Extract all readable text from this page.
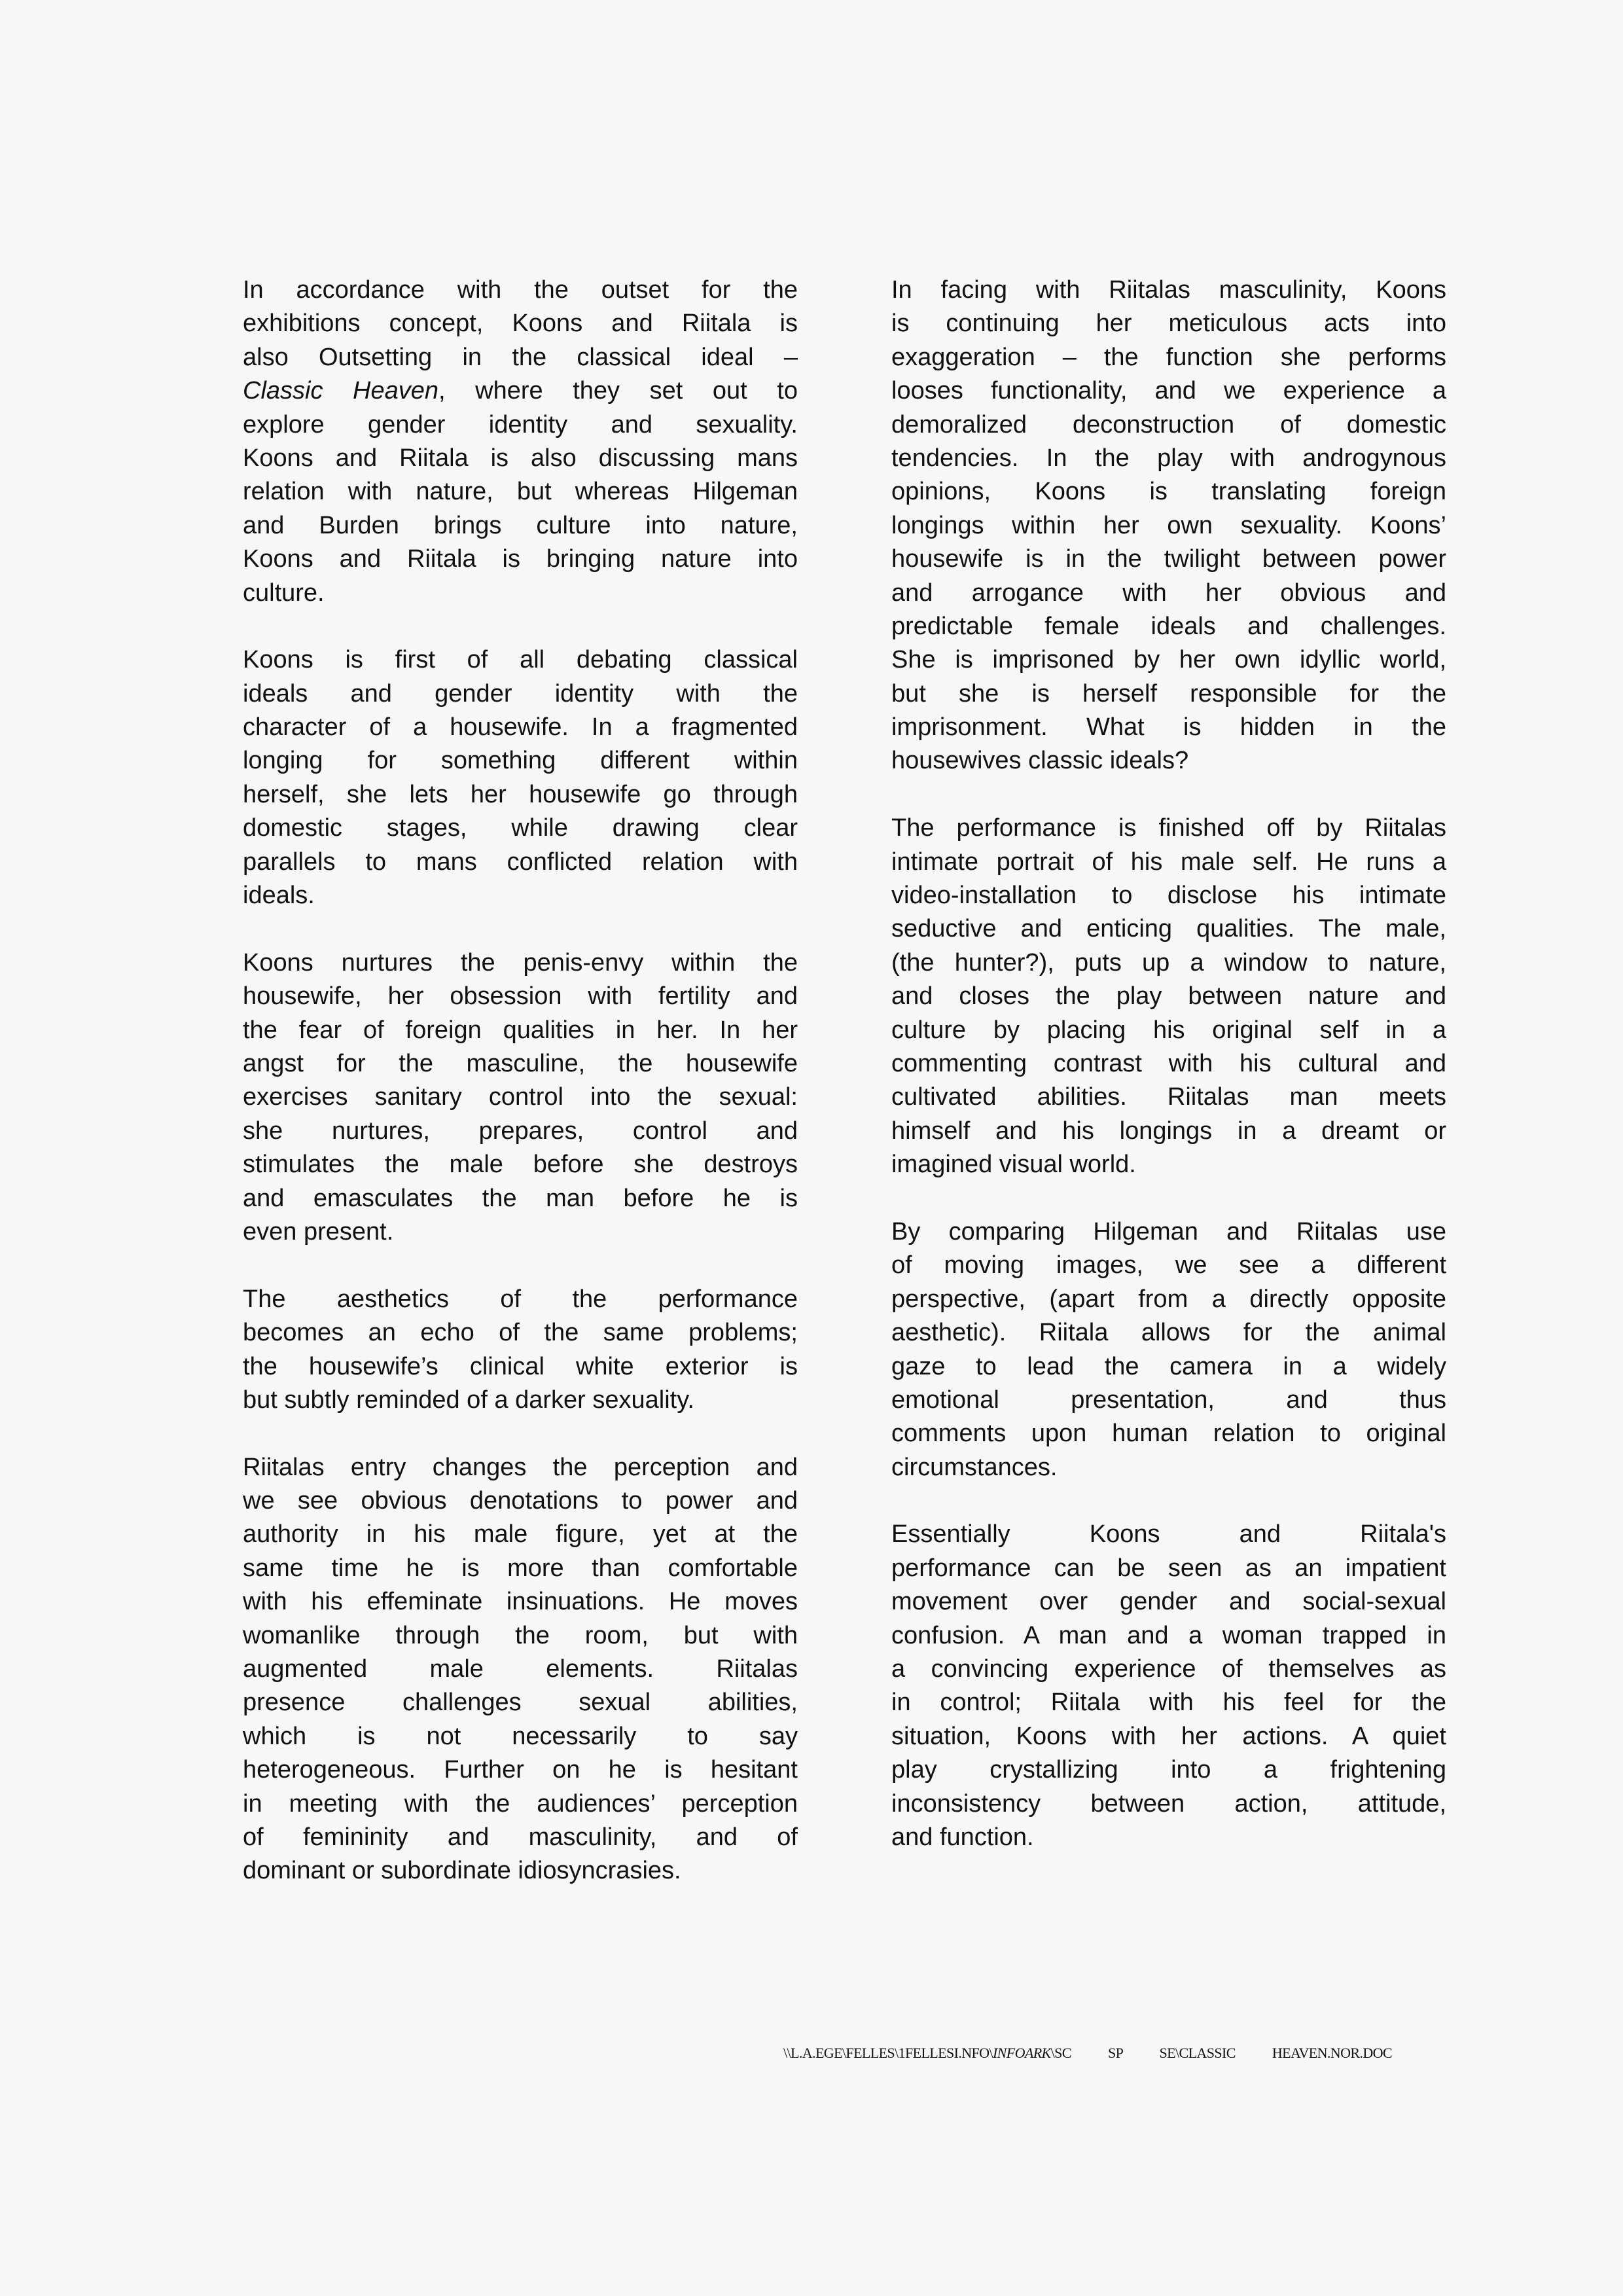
In accordance with the outset for the
exhibitions concept, Koons and Riitala is
also Outsetting in the classical ideal –
Classic Heaven, where they set out to
explore gender identity and sexuality.
Koons and Riitala is also discussing mans
relation with nature, but whereas Hilgeman
and Burden brings culture into nature,
Koons and Riitala is bringing nature into
culture.
Koons is first of all debating classical
ideals and gender identity with the
character of a housewife. In a fragmented
longing for something different within
herself, she lets her housewife go through
domestic stages, while drawing clear
parallels to mans conflicted relation with
ideals.
Koons nurtures the penis-envy within the
housewife, her obsession with fertility and
the fear of foreign qualities in her. In her
angst for the masculine, the housewife
exercises sanitary control into the sexual:
she nurtures, prepares, control and
stimulates the male before she destroys
and emasculates the man before he is
even present.
The aesthetics of the performance
becomes an echo of the same problems;
the housewife’s clinical white exterior is
but subtly reminded of a darker sexuality.
Riitalas entry changes the perception and
we see obvious denotations to power and
authority in his male figure, yet at the
same time he is more than comfortable
with his effeminate insinuations. He moves
womanlike through the room, but with
augmented male elements. Riitalas
presence challenges sexual abilities,
which is not necessarily to say
heterogeneous. Further on he is hesitant
in meeting with the audiences’ perception
of femininity and masculinity, and of
dominant or subordinate idiosyncrasies.
In facing with Riitalas masculinity, Koons
is continuing her meticulous acts into
exaggeration – the function she performs
looses functionality, and we experience a
demoralized deconstruction of domestic
tendencies. In the play with androgynous
opinions, Koons is translating foreign
longings within her own sexuality. Koons’
housewife is in the twilight between power
and arrogance with her obvious and
predictable female ideals and challenges.
She is imprisoned by her own idyllic world,
but she is herself responsible for the
imprisonment. What is hidden in the
housewives classic ideals?
The performance is finished off by Riitalas
intimate portrait of his male self. He runs a
video-installation to disclose his intimate
seductive and enticing qualities. The male,
(the hunter?), puts up a window to nature,
and closes the play between nature and
culture by placing his original self in a
commenting contrast with his cultural and
cultivated abilities. Riitalas man meets
himself and his longings in a dreamt or
imagined visual world.
By comparing Hilgeman and Riitalas use
of moving images, we see a different
perspective, (apart from a directly opposite
aesthetic). Riitala allows for the animal
gaze to lead the camera in a widely
emotional presentation, and thus
comments upon human relation to original
circumstances.
Essentially Koons and Riitala's
performance can be seen as an impatient
movement over gender and social-sexual
confusion. A man and a woman trapped in
a convincing experience of themselves as
in control; Riitala with his feel for the
situation, Koons with her actions. A quiet
play crystallizing into a frightening
inconsistency between action, attitude,
and function.
\\L.A.EGE\FELLES\1FELLESI.NFO\INFOARK\SC SP SE\CLASSIC HEAVEN.NOR.DOC
